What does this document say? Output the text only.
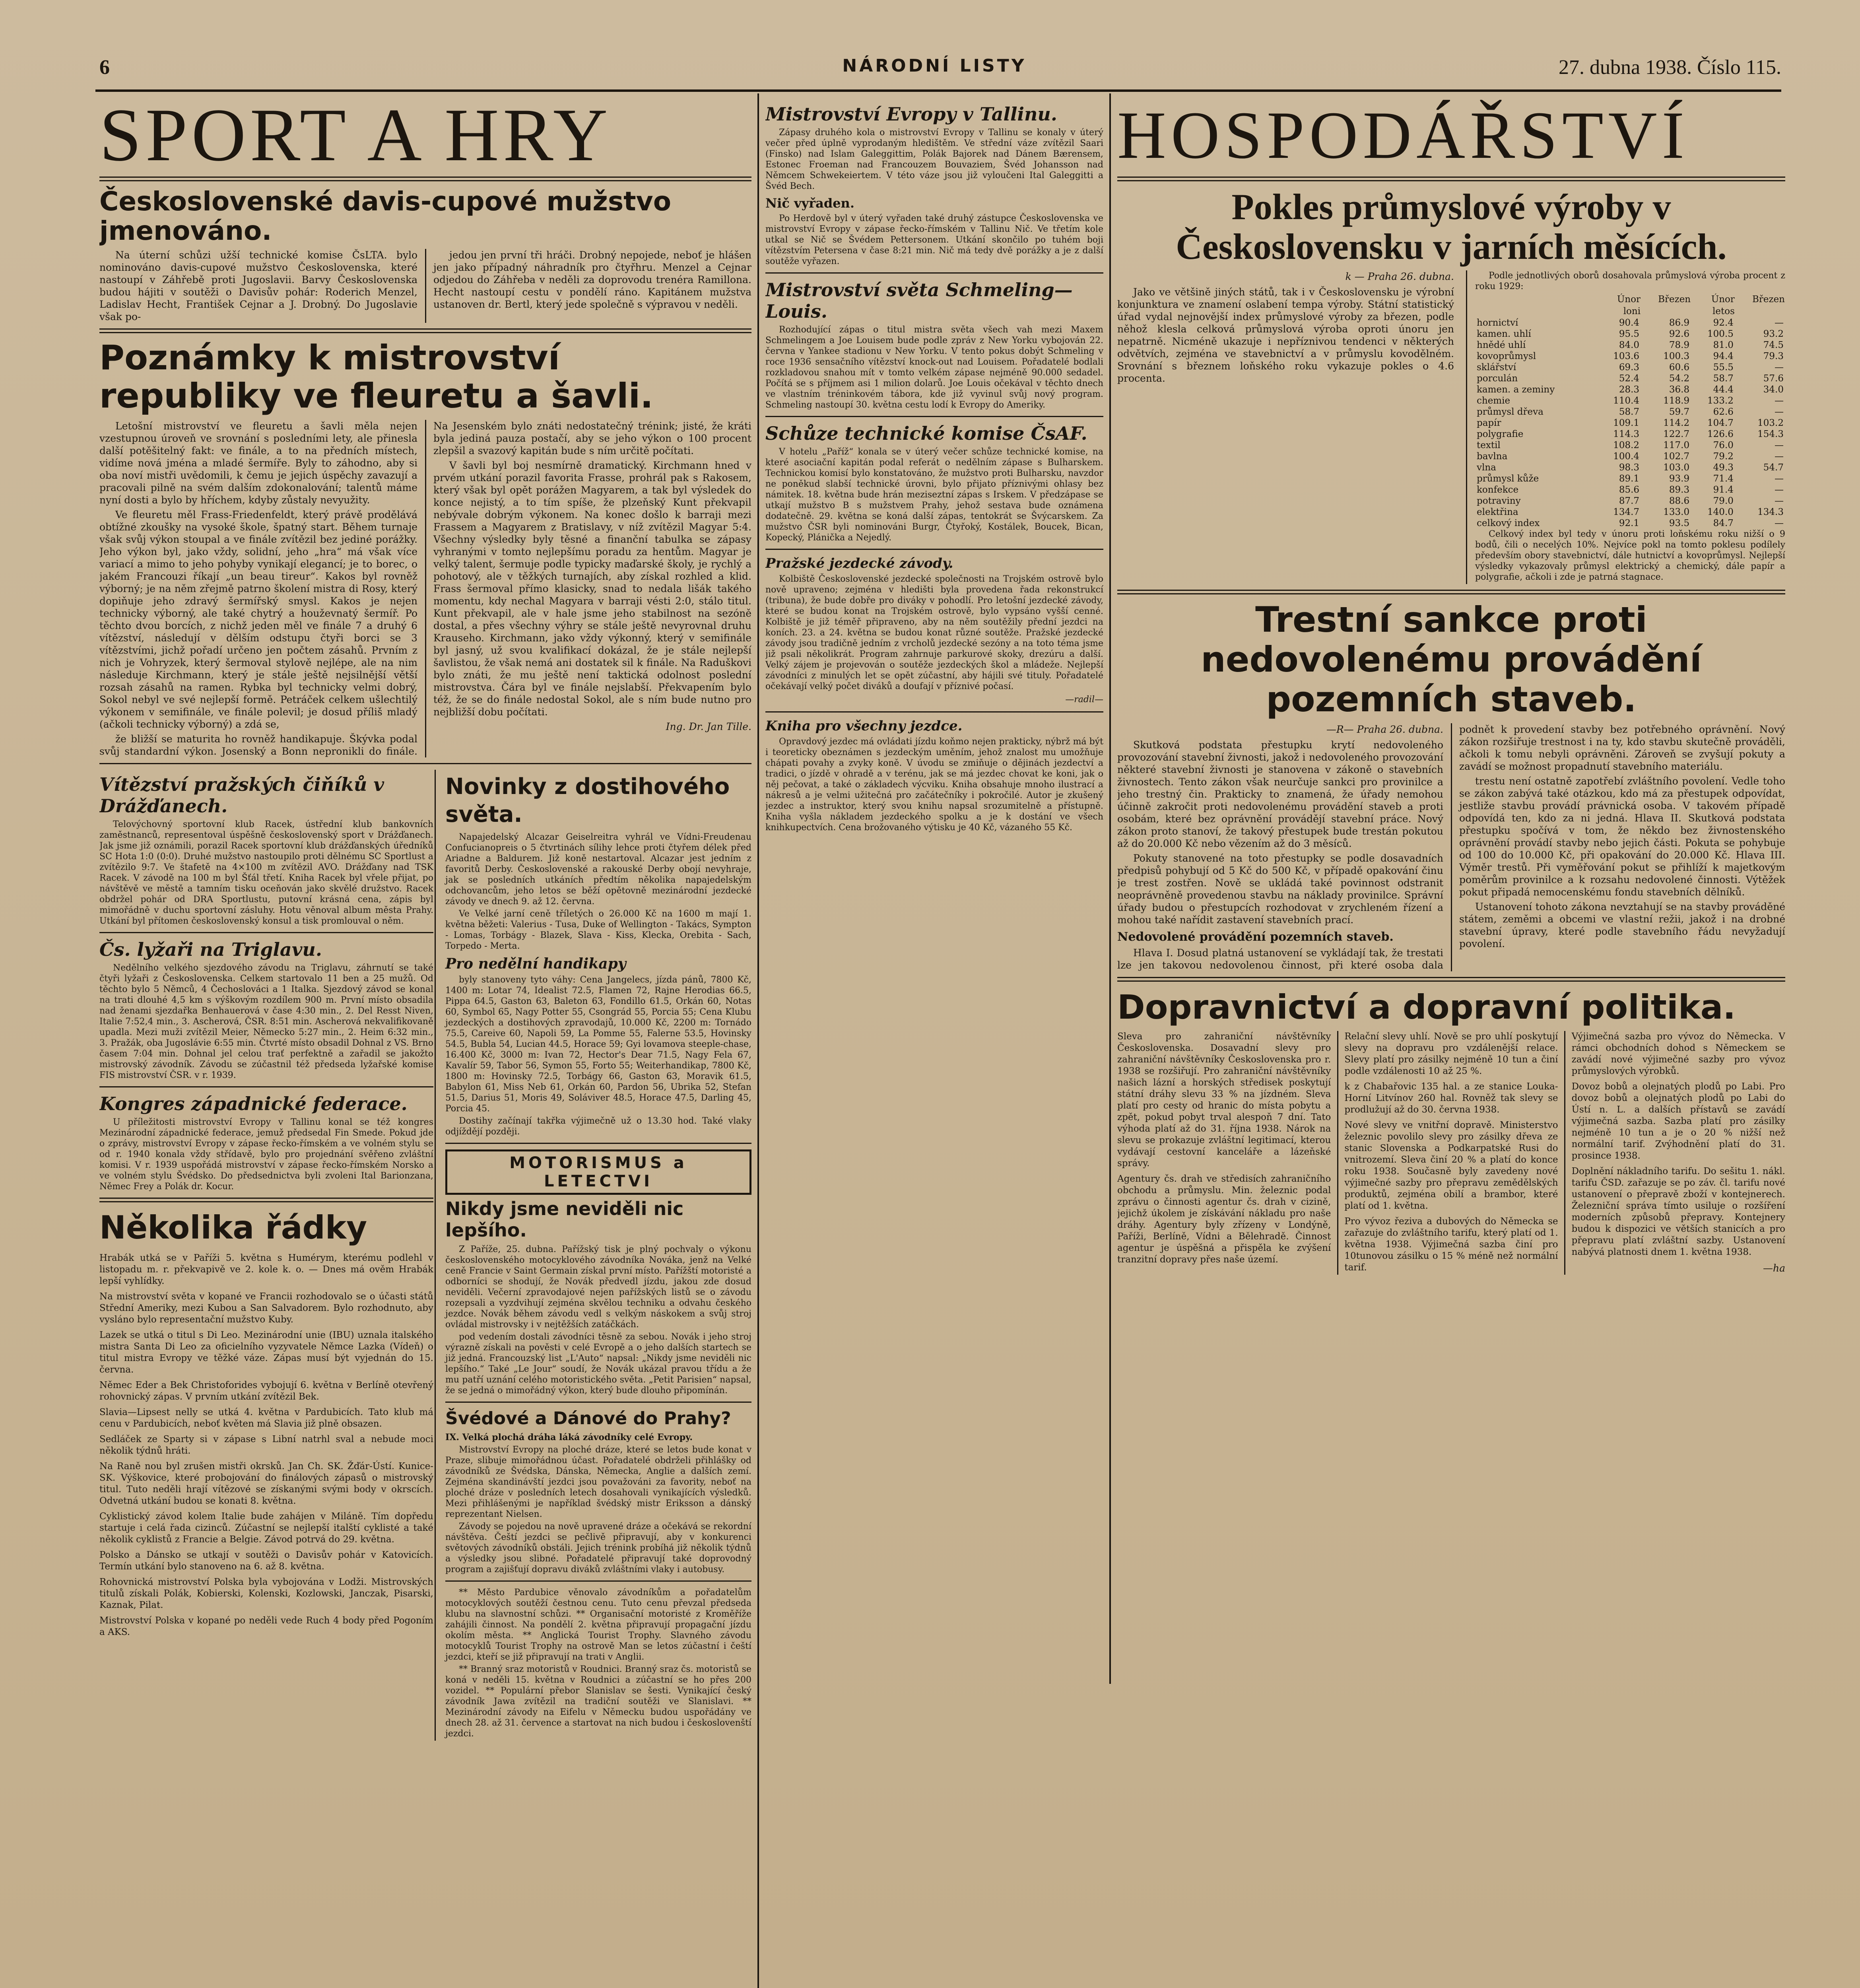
6	NÁRODNÍ LISTY	27. dubna 1938. Číslo 115.
SPORT A HRY
Československé davis-cupové mužstvo jmenováno.

Na úterní schůzi užší technické komise ČsLTA. bylo nominováno davis-cupové mužstvo Československa, které nastoupí v Záhřebě proti Jugoslavii. Barvy Československa budou hájiti v soutěži o Davisův pohár: Roderich Menzel, Ladislav Hecht, František Cejnar a J. Drobný. Do Jugoslavie však po-

jedou jen první tři hráči. Drobný nepojede, neboť je hlášen jen jako případný náhradník pro čtyřhru. Menzel a Cejnar odjedou do Záhřeba v neděli za doprovodu trenéra Ramillona. Hecht nastoupí cestu v pondělí ráno. Kapitánem mužstva ustanoven dr. Bertl, který jede společně s výpravou v neděli.

Poznámky k mistrovství republiky ve fleuretu a šavli.

Letošní mistrovství ve fleuretu a šavli měla nejen vzestupnou úroveň ve srovnání s posledními lety, ale přinesla další potěšitelný fakt: ve finále, a to na předních místech, vidíme nová jména a mladé šermíře. Byly to záhodno, aby si oba noví mistři uvědomili, k čemu je jejich úspěchy zavazují a pracovali pilně na svém dalším zdokonalování; talentů máme nyní dosti a bylo by hříchem, kdyby zůstaly nevyužity.

Ve fleuretu měl Frass-Friedenfeldt, který právě prodělává obtížné zkoušky na vysoké škole, špatný start. Během turnaje však svůj výkon stoupal a ve finále zvítězil bez jediné porážky. Jeho výkon byl, jako vždy, solidní, jeho „hra“ má však více variací a mimo to jeho pohyby vynikají elegancí; je to borec, o jakém Francouzi říkají „un beau tireur“. Kakos byl rovněž výborný; je na něm zřejmě patrno školení mistra di Rosy, který dopiňuje jeho zdravý šermířský smysl. Kakos je nejen technicky výborný, ale také chytrý a houževnatý šermíř. Po těchto dvou borcích, z nichž jeden měl ve finále 7 a druhý 6 vítězství, následují v dělším odstupu čtyři borci se 3 vítězstvími, jichž pořadí určeno jen počtem zásahů. Prvním z nich je Vohryzek, který šermoval stylově nejlépe, ale na nim následuje Kirchmann, který je stále ještě nejsilnější větší rozsah zásahů na ramen. Rybka byl technicky velmi dobrý, Sokol nebyl ve své nejlepší formě. Petráček celkem ušlechtilý výkonem v semifinále, ve finále polevil; je dosud příliš mladý (ačkoli technicky výborný) a zdá se,

že bližší se maturita ho rovněž handikapuje. Škývka podal svůj standardní výkon. Josenský a Bonn nepronikli do finále. Na Jesenském bylo znáti nedostatečný trénink; jisté, že kráti byla jediná pauza postačí, aby se jeho výkon o 100 procent zlepšil a svazový kapitán bude s ním určitě počítati.

V šavli byl boj nesmírně dramatický. Kirchmann hned v prvém utkání porazil favorita Frasse, prohrál pak s Rakosem, který však byl opět porážen Magyarem, a tak byl výsledek do konce nejistý, a to tím spíše, že plzeňský Kunt překvapil nebývale dobrým výkonem. Na konec došlo k barraji mezi Frassem a Magyarem z Bratislavy, v níž zvítězil Magyar 5:4. Všechny výsledky byly těsné a finanční tabulka se zápasy vyhranými v tomto nejlepšímu poradu za hentům. Magyar je velký talent, šermuje podle typicky maďarské školy, je rychlý a pohotový, ale v těžkých turnajích, aby získal rozhled a klid. Frass šermoval přímo klasicky, snad to nedala lišák takého momentu, kdy nechal Magyara v barraji vésti 2:0, stálo titul. Kunt překvapil, ale v hale jsme jeho stabilnost na sezóně dostal, a přes všechny výhry se stále ještě nevyrovnal druhu Krauseho. Kirchmann, jako vždy výkonný, který v semifinále byl jasný, už svou kvalifikací dokázal, že je stále nejlepší šavlistou, že však nemá ani dostatek sil k finále. Na Raduškovi bylo znáti, že mu ještě není taktická odolnost poslední mistrovstva. Čára byl ve finále nejslabší. Překvapením bylo též, že se do finále nedostal Sokol, ale s ním bude nutno pro nejbližší dobu počítati.

Ing. Dr. Jan Tille.

Vítězství pražských čiňíků v Drážďanech.

Telovýchovný sportovní klub Racek, ústřední klub bankovních zaměstnanců, representoval úspěšně československý sport v Drážďanech. Jak jsme již oznámili, porazil Racek sportovní klub drážďanských úředníků SC Hota 1:0 (0:0). Druhé mužstvo nastoupilo proti dělnému SC Sportlust a zvítězilo 9:7. Ve štafetě na 4×100 m zvítězil AVO. Drážďany nad TSK Racek. V závodě na 100 m byl Šťál třetí. Kniha Racek byl vřele přijat, po návštěvě ve městě a tamním tisku oceňován jako skvělé družstvo. Racek obdržel pohár od DRA Sportlustu, putovní krásná cena, zápis byl mimořádně v duchu sportovní zásluhy. Hotu věnoval album města Prahy. Utkání byl přítomen československý konsul a tisk promlouval o něm.

Čs. lyžaři na Triglavu.

Nedělního velkého sjezdového závodu na Triglavu, záhrnutí se také čtyři lyžaři z Československa. Celkem startovalo 11 ben a 25 mužů. Od těchto bylo 5 Němců, 4 Čechoslováci a 1 Italka. Sjezdový závod se konal na trati dlouhé 4,5 km s výškovým rozdílem 900 m. První místo obsadila nad ženami sjezdařka Benhauerová v čase 4:30 min., 2. Del Resst Niven, Italie 7:52,4 min., 3. Ascherová, ČSR. 8:51 min. Ascherová nekvalifikovaně upadla. Mezi muži zvítězil Meier, Německo 5:27 min., 2. Heim 6:32 min., 3. Pražák, oba Jugoslávie 6:55 min. Čtvrté místo obsadil Dohnal z VS. Brno časem 7:04 min. Dohnal jel celou trať perfektně a zařadil se jakožto mistrovský závodník. Závodu se zúčastnil též předseda lyžařské komise FIS mistrovství ČSR. v r. 1939.

Kongres západnické federace.

U příležitosti mistrovství Evropy v Tallinu konal se též kongres Mezinárodní západnické federace, jemuž předsedal Fin Smede. Pokud jde o zprávy, mistrovství Evropy v zápase řecko-římském a ve volném stylu se od r. 1940 konala vždy střídavě, bylo pro projednání svěřeno zvláštní komisi. V r. 1939 uspořádá mistrovství v zápase řecko-římském Norsko a ve volném stylu Švédsko. Do předsednictva byli zvoleni Ital Barionzana, Němec Frey a Polák dr. Kocur.

Několika řádky

Hrabák utká se v Paříži 5. května s Humérym, kterému podlehl v listopadu m. r. překvapivě ve 2. kole k. o. — Dnes má ověm Hrabák lepší vyhlídky.

Na mistrovství světa v kopané ve Francii rozhodovalo se o účasti států Střední Ameriky, mezi Kubou a San Salvadorem. Bylo rozhodnuto, aby vysláno bylo representační mužstvo Kuby.

Lazek se utká o titul s Di Leo. Mezinárodní unie (IBU) uznala italského mistra Santa Di Leo za oficielního vyzyvatele Němce Lazka (Vídeň) o titul mistra Evropy ve těžké váze. Zápas musí být vyjednán do 15. června.

Němec Eder a Bek Christoforides vybojují 6. května v Berlíně otevřený rohovnický zápas. V prvním utkání zvítězil Bek.

Slavia—Lipsest nelly se utká 4. května v Pardubicích. Tato klub má cenu v Pardubicích, neboť květen má Slavia již plně obsazen.

Sedláček ze Sparty si v zápase s Libní natrhl sval a nebude moci několik týdnů hráti.

Na Raně nou byl zrušen mistři okrsků. Jan Ch. SK. Žďár-Ústí. Kunice-SK. Výškovice, které probojování do finálových zápasů o mistrovský titul. Tuto neděli hrají vítězové se získanými svými body v okrscích. Odvetná utkání budou se konati 8. května.

Cyklistický závod kolem Italie bude zahájen v Miláně. Tím dopředu startuje i celá řada cizinců. Zúčastní se nejlepší italští cyklisté a také několik cyklistů z Francie a Belgie. Závod potrvá do 29. května.

Polsko a Dánsko se utkají v soutěži o Davisův pohár v Katovicích. Termín utkání bylo stanoveno na 6. až 8. května.

Rohovnická mistrovství Polska byla vybojována v Lodži. Mistrovských titulů získali Polák, Kobierski, Kolenski, Kozlowski, Janczak, Pisarski, Kaznak, Pilat.

Mistrovství Polska v kopané po neděli vede Ruch 4 body před Pogoním a AKS.

Novinky z dostihového světa.

Napajedelský Alcazar Geiselreitra vyhrál ve Vídni-Freudenau Confucianopreis o 5 čtvrtinách sílihy lehce proti čtyřem délek před Ariadne a Baldurem. Již koně nestartoval. Alcazar jest jedním z favoritů Derby. Československé a rakouské Derby obojí nevyhraje, jak se posledních utkáních předtím několika napajedelským odchovancům, jeho letos se běží opětovně mezinárodní jezdecké závody ve dnech 9. až 12. června.

Ve Velké jarní ceně tříletých o 26.000 Kč na 1600 m mají 1. května běžeti: Valerius - Tusa, Duke of Wellington - Takács, Sympton - Lomas, Torbágy - Blazek, Slava - Kiss, Klecka, Orebita - Sach, Torpedo - Merta.

Pro nedělní handikapy

byly stanoveny tyto váhy: Cena Jangelecs, jízda pánů, 7800 Kč, 1400 m: Lotar 74, Idealist 72.5, Flamen 72, Rajne Herodias 66.5, Pippa 64.5, Gaston 63, Baleton 63, Fondillo 61.5, Orkán 60, Notas 60, Symbol 65, Nagy Potter 55, Csongrád 55, Porcia 55; Cena Klubu jezdeckých a dostihových zpravodajů, 10.000 Kč, 2200 m: Tornádo 75.5, Careive 60, Napoli 59, La Pomme 55, Falerne 53.5, Hovinsky 54.5, Bubla 54, Lucian 44.5, Horace 59; Gyi lovamova steeple-chase, 16.400 Kč, 3000 m: Ivan 72, Hector's Dear 71.5, Nagy Fela 67, Kavalír 59, Tabor 56, Symon 55, Forto 55; Weiterhandikap, 7800 Kč, 1800 m: Hovinsky 72.5, Torbágy 66, Gaston 63, Moravik 61.5, Babylon 61, Miss Neb 61, Orkán 60, Pardon 56, Ubrika 52, Stefan 51.5, Darius 51, Moris 49, Soláviver 48.5, Horace 47.5, Darling 45, Porcia 45.

Dostihy začínají takřka výjimečně už o 13.30 hod. Také vlaky odjíždějí později.

MOTORISMUS a LETECTVI
Nikdy jsme neviděli nic lepšího.

Z Paříže, 25. dubna. Pařížský tisk je plný pochvaly o výkonu československého motocyklového závodníka Nováka, jenž na Velké ceně Francie v Saint Germain získal první místo. Pařížští motoristé a odborníci se shodují, že Novák předvedl jízdu, jakou zde dosud neviděli. Večerní zpravodajové nejen pařížských listů se o závodu rozepsali a vyzdvihují zejména skvělou techniku a odvahu českého jezdce. Novák během závodu vedl s velkým náskokem a svůj stroj ovládal mistrovsky i v nejtěžších zatáčkách.

pod vedením dostali závodníci těsně za sebou. Novák i jeho stroj výrazně získali na pověsti v celé Evropě a o jeho dalších startech se již jedná. Francouzský list „L'Auto“ napsal: „Nikdy jsme neviděli nic lepšího.“ Také „Le Jour“ soudí, že Novák ukázal pravou třídu a že mu patří uznání celého motoristického světa. „Petit Parisien“ napsal, že se jedná o mimořádný výkon, který bude dlouho připomínán.

Švédové a Dánové do Prahy?

IX. Velká plochá dráha láká závodníky celé Evropy.

Mistrovství Evropy na ploché dráze, které se letos bude konat v Praze, slibuje mimořádnou účast. Pořadatelé obdrželi přihlášky od závodníků ze Švédska, Dánska, Německa, Anglie a dalších zemí. Zejména skandinávští jezdci jsou považováni za favority, neboť na ploché dráze v posledních letech dosahovali vynikajících výsledků. Mezi přihlášenými je například švédský mistr Eriksson a dánský reprezentant Nielsen.

Závody se pojedou na nově upravené dráze a očekává se rekordní návštěva. Čeští jezdci se pečlivě připravují, aby v konkurenci světových závodníků obstáli. Jejich trénink probíhá již několik týdnů a výsledky jsou slibné. Pořadatelé připravují také doprovodný program a zajišťují dopravu diváků zvláštními vlaky i autobusy.

** Město Pardubice věnovalo závodníkům a pořadatelům motocyklových soutěží čestnou cenu. Tuto cenu převzal předseda klubu na slavnostní schůzi. ** Organisační motoristé z Kroměříže zahájili činnost. Na pondělí 2. května připravují propagační jízdu okolím města. ** Anglická Tourist Trophy. Slavného závodu motocyklů Tourist Trophy na ostrově Man se letos zúčastní i čeští jezdci, kteří se již připravují na trati v Anglii.

** Branný sraz motoristů v Roudnici. Branný sraz čs. motoristů se koná v neděli 15. května v Roudnici a zúčastní se ho přes 200 vozidel. ** Populární přebor Slanislav se šesti. Vynikající český závodník Jawa zvítězil na tradiční soutěži ve Slanislavi. ** Mezinárodní závody na Eifelu v Německu budou uspořádány ve dnech 28. až 31. července a startovat na nich budou i českoslovenští jezdci.

Mistrovství Evropy v Tallinu.

Zápasy druhého kola o mistrovství Evropy v Tallinu se konaly v úterý večer před úplně vyprodaným hledištěm. Ve střední váze zvítězil Saari (Finsko) nad Islam Galeggittim, Polák Bajorek nad Dánem Bærensem, Estonec Froeman nad Francouzem Bouvaziem, Švéd Johansson nad Němcem Schwekeiertem. V této váze jsou již vyloučeni Ital Galeggitti a Švéd Bech.

Nič vyřaden.

Po Herdově byl v úterý vyřaden také druhý zástupce Československa ve mistrovství Evropy v zápase řecko-římském v Tallinu Nič. Ve třetím kole utkal se Nič se Švédem Pettersonem. Utkání skončilo po tuhém boji vítězstvím Petersena v čase 8:21 min. Nič má tedy dvě porážky a je z další soutěže vyřazen.

Mistrovství světa Schmeling—Louis.

Rozhodující zápas o titul mistra světa všech vah mezi Maxem Schmelingem a Joe Louisem bude podle zpráv z New Yorku vybojován 22. června v Yankee stadionu v New Yorku. V tento pokus dobýt Schmeling v roce 1936 sensačního vítězství knock-out nad Louisem. Pořadatelé bodlali rozkladovou snahou mít v tomto velkém zápase nejméně 90.000 sedadel. Počítá se s příjmem asi 1 milion dolarů. Joe Louis očekával v těchto dnech ve vlastním tréninkovém tábora, kde již vyvinul svůj nový program. Schmeling nastoupí 30. května cestu lodí k Evropy do Ameriky.

Schůze technické komise ČsAF.

V hotelu „Paříž“ konala se v úterý večer schůze technické komise, na které asociační kapitán podal referát o nedělním zápase s Bulharskem. Technickou komisí bylo konstatováno, že mužstvo proti Bulharsku, navzdor ne poněkud slabší technické úrovni, bylo přijato příznivými ohlasy bez námitek. 18. května bude hrán meziseztní zápas s Irskem. V předzápase se utkají mužstvo B s mužstvem Prahy, jehož sestava bude oznámena dodatečně. 29. května se koná další zápas, tentokrát se Švýcarskem. Za mužstvo ČSR byli nominováni Burgr, Čtyřoký, Kostálek, Boucek, Bican, Kopecký, Plánička a Nejedlý.

Pražské jezdecké závody.

Kolbiště Československé jezdecké společnosti na Trojském ostrově bylo nově upraveno; zejména v hledišti byla provedena řada rekonstrukcí (tribuna), že bude dobře pro diváky v pohodlí. Pro letošní jezdecké závody, které se budou konat na Trojském ostrově, bylo vypsáno vyšší cenné. Kolbiště je již téměř připraveno, aby na něm soutěžily přední jezdci na koních. 23. a 24. května se budou konat různé soutěže. Pražské jezdecké závody jsou tradičně jedním z vrcholů jezdecké sezóny a na toto téma jsme již psali několikrát. Program zahrnuje parkurové skoky, drezúru a další. Velký zájem je projevován o soutěže jezdeckých škol a mládeže. Nejlepší závodníci z minulých let se opět zúčastní, aby hájili své tituly. Pořadatelé očekávají velký počet diváků a doufají v příznivé počasí.

—radil—

Kniha pro všechny jezdce.

Opravdový jezdec má ovládati jízdu koňmo nejen prakticky, nýbrž má být i teoreticky obeznámen s jezdeckým uměním, jehož znalost mu umožňuje chápati povahy a zvyky koně. V úvodu se zmiňuje o dějinách jezdectví a tradici, o jízdě v ohradě a v terénu, jak se má jezdec chovat ke koni, jak o něj pečovat, a také o základech výcviku. Kniha obsahuje mnoho ilustrací a nákresů a je velmi užitečná pro začátečníky i pokročilé. Autor je zkušený jezdec a instruktor, který svou knihu napsal srozumitelně a přístupně. Kniha vyšla nákladem jezdeckého spolku a je k dostání ve všech knihkupectvích. Cena brožovaného výtisku je 40 Kč, vázaného 55 Kč.

HOSPODÁŘSTVÍ
Pokles průmyslové výroby v Československu v jarních měsících.

k — Praha 26. dubna.

Jako ve většině jiných států, tak i v Československu je výrobní konjunktura ve znamení oslabení tempa výroby. Státní statistický úřad vydal nejnovější index průmyslové výroby za březen, podle něhož klesla celková průmyslová výroba oproti únoru jen nepatrně. Nicméně ukazuje i nepříznivou tendenci v některých odvětvích, zejména ve stavebnictví a v průmyslu kovodělném. Srovnání s březnem loňského roku vykazuje pokles o 4.6 procenta.

Podle jednotlivých oborů dosahovala průmyslová výroba procent z roku 1929:

	Únor	Březen	Únor	Březen
	loni		letos	
hornictví	90.4	86.9	92.4	—
kamen. uhlí	95.5	92.6	100.5	93.2
hnědé uhlí	84.0	78.9	81.0	74.5
kovoprůmysl	103.6	100.3	94.4	79.3
sklářství	69.3	60.6	55.5	—
porculán	52.4	54.2	58.7	57.6
kamen. a zeminy	28.3	36.8	44.4	34.0
chemie	110.4	118.9	133.2	—
průmysl dřeva	58.7	59.7	62.6	—
papír	109.1	114.2	104.7	103.2
polygrafie	114.3	122.7	126.6	154.3
textil	108.2	117.0	76.0	—
bavlna	100.4	102.7	79.2	—
vlna	98.3	103.0	49.3	54.7
průmysl kůže	89.1	93.9	71.4	—
konfekce	85.6	89.3	91.4	—
potraviny	87.7	88.6	79.0	—
elektřina	134.7	133.0	140.0	134.3
celkový index	92.1	93.5	84.7	—

Celkový index byl tedy v únoru proti loňskému roku nižší o 9 bodů, čili o necelých 10%. Nejvíce pokl na tomto poklesu podílely především obory stavebnictví, dále hutnictví a kovoprůmysl. Nejlepší výsledky vykazovaly průmysl elektrický a chemický, dále papír a polygrafie, ačkoli i zde je patrná stagnace.

Trestní sankce proti nedovolenému provádění pozemních staveb.

—R— Praha 26. dubna.

Skutková podstata přestupku krytí nedovoleného provozování stavební živnosti, jakož i nedovoleného provozování některé stavební živnosti je stanovena v zákoně o stavebních živnostech. Tento zákon však neurčuje sankci pro provinilce a jeho trestný čin. Prakticky to znamená, že úřady nemohou účinně zakročit proti nedovolenému provádění staveb a proti osobám, které bez oprávnění provádějí stavební práce. Nový zákon proto stanoví, že takový přestupek bude trestán pokutou až do 20.000 Kč nebo vězením až do 3 měsíců.

Pokuty stanovené na toto přestupky se podle dosavadních předpisů pohybují od 5 Kč do 500 Kč, v případě opakování činu je trest zostřen. Nově se ukládá také povinnost odstranit neoprávněně provedenou stavbu na náklady provinilce. Správní úřady budou o přestupcích rozhodovat v zrychleném řízení a mohou také nařídit zastavení stavebních prací.

Nedovolené provádění pozemních staveb.

Hlava I. Dosud platná ustanovení se vykládají tak, že trestati lze jen takovou nedovolenou činnost, při které osoba dala podnět k provedení stavby bez potřebného oprávnění. Nový zákon rozšiřuje trestnost i na ty, kdo stavbu skutečně prováděli, ačkoli k tomu nebyli oprávněni. Zároveň se zvyšují pokuty a zavádí se možnost propadnutí stavebního materiálu.

trestu není ostatně zapotřebí zvláštního povolení. Vedle toho se zákon zabývá také otázkou, kdo má za přestupek odpovídat, jestliže stavbu provádí právnická osoba. V takovém případě odpovídá ten, kdo za ni jedná. Hlava II. Skutková podstata přestupku spočívá v tom, že někdo bez živnostenského oprávnění provádí stavby nebo jejich části. Pokuta se pohybuje od 100 do 10.000 Kč, při opakování do 20.000 Kč. Hlava III. Výměr trestů. Při vyměřování pokut se přihlíží k majetkovým poměrům provinilce a k rozsahu nedovolené činnosti. Výtěžek pokut připadá nemocenskému fondu stavebních dělníků.

Ustanovení tohoto zákona nevztahují se na stavby prováděné státem, zeměmi a obcemi ve vlastní režii, jakož i na drobné stavební úpravy, které podle stavebního řádu nevyžadují povolení.

Dopravnictví a dopravní politika.

Sleva pro zahraniční návštěvníky Československa. Dosavadní slevy pro zahraniční návštěvníky Československa pro r. 1938 se rozšiřují. Pro zahraniční návštěvníky našich lázní a horských středisek poskytují státní dráhy slevu 33 % na jízdném. Sleva platí pro cesty od hranic do místa pobytu a zpět, pokud pobyt trval alespoň 7 dní. Tato výhoda platí až do 31. října 1938. Nárok na slevu se prokazuje zvláštní legitimací, kterou vydávají cestovní kanceláře a lázeňské správy.

Agentury čs. drah ve středisích zahraničního obchodu a průmyslu. Min. železnic podal zprávu o činnosti agentur čs. drah v cizině, jejichž úkolem je získávání nákladu pro naše dráhy. Agentury byly zřízeny v Londýně, Paříži, Berlíně, Vídni a Bělehradě. Činnost agentur je úspěšná a přispěla ke zvýšení tranzitní dopravy přes naše území.

Relační slevy uhlí. Nově se pro uhlí poskytují slevy na dopravu pro vzdálenější relace. Slevy platí pro zásilky nejméně 10 tun a činí podle vzdálenosti 10 až 25 %.

k z Chabařovic 135 hal. a ze stanice Louka-Horní Litvínov 260 hal. Rovněž tak slevy se prodlužují až do 30. června 1938.

Nové slevy ve vnitřní dopravě. Ministerstvo železnic povolilo slevy pro zásilky dřeva ze stanic Slovenska a Podkarpatské Rusi do vnitrozemí. Sleva činí 20 % a platí do konce roku 1938. Současně byly zavedeny nové výjimečné sazby pro přepravu zemědělských produktů, zejména obilí a brambor, které platí od 1. května.

Pro vývoz řeziva a dubových do Německa se zařazuje do zvláštního tarifu, který platí od 1. května 1938. Výjimečná sazba činí pro 10tunovou zásilku o 15 % méně než normální tarif.

Výjimečná sazba pro vývoz do Německa. V rámci obchodních dohod s Německem se zavádí nové výjimečné sazby pro vývoz průmyslových výrobků.

Dovoz bobů a olejnatých plodů po Labi. Pro dovoz bobů a olejnatých plodů po Labi do Ústí n. L. a dalších přístavů se zavádí výjimečná sazba. Sazba platí pro zásilky nejméně 10 tun a je o 20 % nižší než normální tarif. Zvýhodnění platí do 31. prosince 1938.

Doplnění nákladního tarifu. Do sešitu 1. nákl. tarifu ČSD. zařazuje se po záv. čl. tarifu nové ustanovení o přepravě zboží v kontejnerech. Železniční správa tímto usiluje o rozšíření moderních způsobů přepravy. Kontejnery budou k dispozici ve větších stanicích a pro přepravu platí zvláštní sazby. Ustanovení nabývá platnosti dnem 1. května 1938.

—ha
